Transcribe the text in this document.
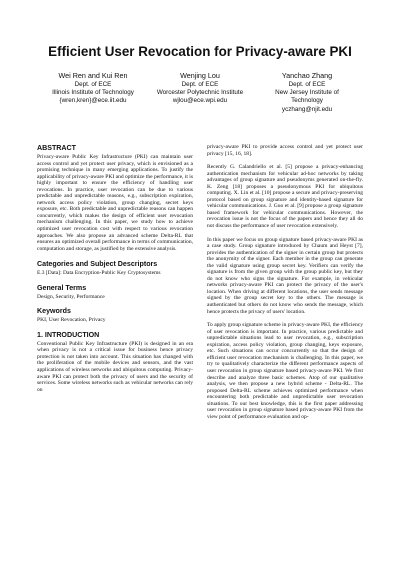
Efficient User Revocation for Privacy-aware PKI
Wei Ren and Kui Ren
Dept. of ECE
Illinois Institute of Technology
{wren,kren}@ece.iit.edu
Wenjing Lou
Dept. of ECE
Worcester Polytechnic Institute
wjlou@ece.wpi.edu
Yanchao Zhang
Dept. of ECE
New Jersey Institute of
Technology
yczhang@njit.edu
ABSTRACT

Privacy-aware Public Key Infrastructure (PKI) can maintain user access control and yet protect user privacy, which is envisioned as a promising technique in many emerging applications. To justify the applicability of privacy-aware PKI and optimize the performance, it is highly important to ensure the efficiency of handling user revocations. In practice, user revocation can be due to various predictable and unpredictable reasons, e.g., subscription expiration, network access policy violation, group changing, secret keys exposure, etc. Both predictable and unpredictable reasons can happen concurrently, which makes the design of efficient user revocation mechanism challenging. In this paper, we study how to achieve optimized user revocation cost with respect to various revocation approaches. We also propose an advanced scheme Delta-RL that ensures an optimized overall performance in terms of communication, computation and storage, as justified by the extensive analysis.

Categories and Subject Descriptors

E.3 [Data]: Data Encryption-Public Key Cryptosystems

General Terms

Design, Security, Performance

Keywords

PKI, User Revocation, Privacy

1. INTRODUCTION

Conventional Public Key Infrastructure (PKI) is designed in an era when privacy is not a critical issue for business hence privacy protection is not taken into account. This situation has changed with the proliferation of the mobile devices and sensors, and the vast applications of wireless networks and ubiquitous computing. Privacy-aware PKI can protect both the privacy of users and the security of services. Some wireless networks such as vehicular networks can rely on

privacy-aware PKI to provide access control and yet protect user privacy [15, 16, 18].

Recently G. Calandriello et al. [5] propose a privacy-enhancing authentication mechanism for vehicular ad-hoc networks by taking advantages of group signature and pseudonyms generated on-the-fly. K. Zeng [18] proposes a pseudonymous PKI for ubiquitous computing. X. Lin et al. [10] propose a secure and privacy-preserving protocol based on group signature and identity-based signature for vehicular communications. J. Guo et al. [9] propose a group signature based framework for vehicular communications. However, the revocation issue is not the focus of the papers and hence they all do not discuss the performance of user revocation extensively.

In this paper we focus on group signature based privacy-aware PKI as a case study. Group signature introduced by Chaum and Heyst [7], provides the authentication of the signer in certain group but protects the anonymity of the signer. Each member in the group can generate the valid signature using group secret key. Verifiers can verify the signature is from the given group with the group public key, but they do not know who signs the signature. For example, in vehicular networks privacy-aware PKI can protect the privacy of the user's location. When driving at different locations, the user sends message signed by the group secret key to the others. The message is authenticated but others do not know who sends the message, which hence protects the privacy of users' location.

To apply group signature scheme in privacy-aware PKI, the efficiency of user revocation is important. In practice, various predictable and unpredictable situations lead to user revocation, e.g., subscription expiration, access policy violation, group changing, keys exposure, etc. Such situations can occur concurrently so that the design of efficient user revocation mechanism is challenging. In this paper, we try to qualitatively characterize the different performance aspects of user revocation in group signature based privacy-aware PKI. We first describe and analyze three basic schemes. Atop of our qualitative analysis, we then propose a new hybrid scheme - Delta-RL. The proposed Delta-RL scheme achieves optimized performance when encountering both predictable and unpredictable user revocation situations. To our best knowledge, this is the first paper addressing user revocation in group signature based privacy-aware PKI from the view point of performance evaluation and op-
